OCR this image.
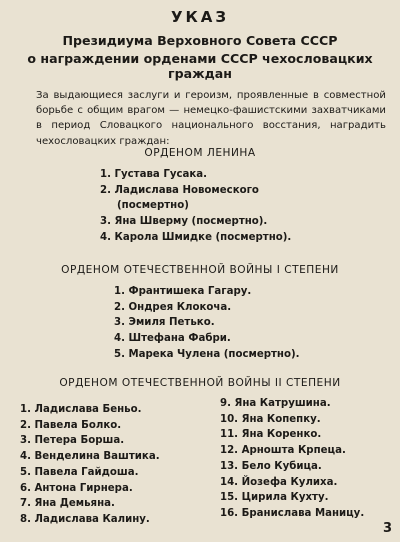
УКАЗ
Президиума Верховного Совета СССР
о награждении орденами СССР чехословацких граждан
За выдающиеся заслуги и героизм, проявленные в совместной борьбе с общим врагом — немецко-фашистскими захватчиками в период Словацкого национального восстания, наградить чехословацких граждан:
ОРДЕНОМ ЛЕНИНА
1. Густава Гусака.
2. Ладислава Новомеского
(посмертно)
3. Яна Шверму (посмертно).
4. Карола Шмидке (посмертно).
ОРДЕНОМ ОТЕЧЕСТВЕННОЙ ВОЙНЫ I СТЕПЕНИ
1. Франтишека Гагару.
2. Ондрея Клокоча.
3. Эмиля Петько.
4. Штефана Фабри.
5. Марека Чулена (посмертно).
ОРДЕНОМ ОТЕЧЕСТВЕННОЙ ВОЙНЫ II СТЕПЕНИ
1. Ладислава Беньо.
2. Павела Болко.
3. Петера Борша.
4. Венделина Ваштика.
5. Павела Гайдоша.
6. Антона Гирнера.
7. Яна Демьяна.
8. Ладислава Калину.
9. Яна Катрушина.
10. Яна Копепку.
11. Яна Коренко.
12. Арношта Крпеца.
13. Бело Кубица.
14. Йозефа Кулиха.
15. Цирила Кухту.
16. Бранислава Маницу.
3
